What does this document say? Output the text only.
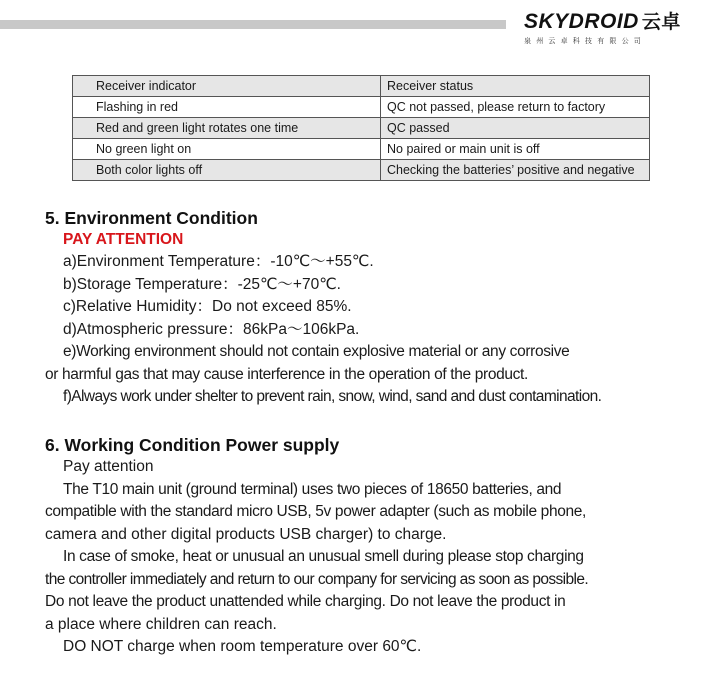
SKYDROID 云卓
泉州云卓科技有限公司
Receiver indicator	Receiver status
Flashing in red	QC not passed, please return to factory
Red and green light rotates one time	QC passed
No green light on	No paired or main unit is off
Both color lights off	Checking the batteries’ positive and negative
5. Environment Condition
PAY ATTENTION
a)Environment Temperature：-10℃～+55℃.
b)Storage Temperature：-25℃～+70℃.
c)Relative Humidity：Do not exceed 85%.
d)Atmospheric pressure：86kPa～106kPa.
e)Working environment should not contain explosive material or any corrosive
or harmful gas that may cause interference in the operation of the product.
f)Always work under shelter to prevent rain, snow, wind, sand and dust contamination.
6. Working Condition Power supply
Pay attention
The T10 main unit (ground terminal) uses two pieces of 18650 batteries, and
compatible with the standard micro USB, 5v power adapter (such as mobile phone,
camera and other digital products USB charger) to charge.
In case of smoke, heat or unusual an unusual smell during please stop charging
the controller immediately and return to our company for servicing as soon as possible.
Do not leave the product unattended while charging. Do not leave the product in
a place where children can reach.
DO NOT charge when room temperature over 60℃.
